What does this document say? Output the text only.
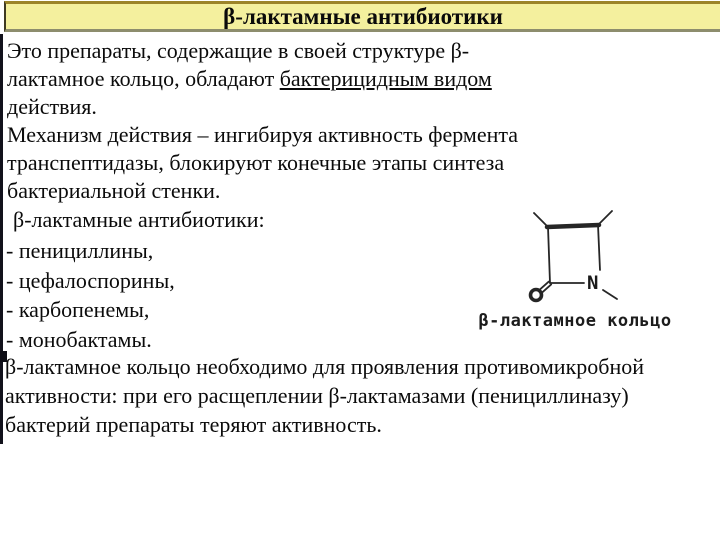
β-лактамные антибиотики
Это препараты, содержащие в своей структуре β-
лактамное кольцо, обладают бактерицидным видом
действия.
Механизм действия – ингибируя активность фермента
транспептидазы, блокируют конечные этапы синтеза
бактериальной стенки.
β-лактамные антибиотики:
- пенициллины,
- цефалоспорины,
- карбопенемы,
- монобактамы.
β-лактамное кольцо необходимо для проявления противомикробной
активности: при его расщеплении β-лактамазами (пенициллиназу)
бактерий препараты теряют активность.
N
β-лактамное кольцо
